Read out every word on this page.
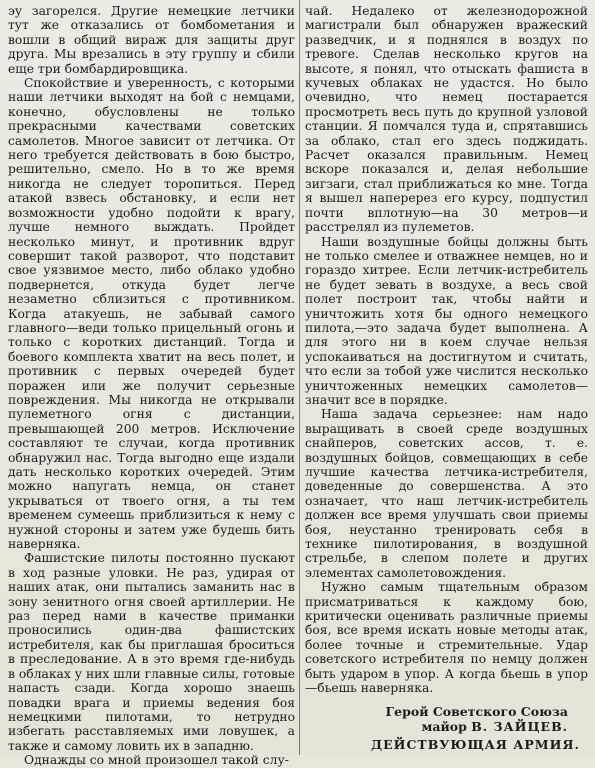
эу загорелся. Другие немецкие летчики тут же отказались от бомбометания и вошли в общий вираж для защиты друг друга. Мы врезались в эту группу и сбили еще три бомбардировщика.

Спокойствие и уверенность, с которыми наши летчики выходят на бой с немцами, конечно, обусловлены не только прекрасными качествами советских самолетов. Многое зависит от летчика. От него требуется действовать в бою быстро, решительно, смело. Но в то же время никогда не следует торопиться. Перед атакой взвесь обстановку, и если нет возможности удобно подойти к врагу, лучше немного выждать. Пройдет несколько минут, и противник вдруг совершит такой разворот, что подставит свое уязвимое место, либо облако удобно подвернется, откуда будет легче незаметно сблизиться с противником. Когда атакуешь, не забывай самого главного—веди только прицельный огонь и только с коротких дистанций. Тогда и боевого комплекта хватит на весь полет, и противник с первых очередей будет поражен или же получит серьезные повреждения. Мы никогда не открывали пулеметного огня с дистанции, превышающей 200 метров. Исключение составляют те случаи, когда противник обнаружил нас. Тогда выгодно еще издали дать несколько коротких очередей. Этим можно напугать немца, он станет укрываться от твоего огня, а ты тем временем сумеешь приблизиться к нему с нужной стороны и затем уже будешь бить наверняка.

Фашистские пилоты постоянно пускают в ход разные уловки. Не раз, удирая от наших атак, они пытались заманить нас в зону зенитного огня своей артиллерии. Не раз перед нами в качестве приманки проносились один-два фашистских истребителя, как бы приглашая броситься в преследование. А в это время где-нибудь в облаках у них шли главные силы, готовые напасть сзади. Когда хорошо знаешь повадки врага и приемы ведения боя немецкими пилотами, то нетрудно избегать расставляемых ими ловушек, а также и самому ловить их в западню.

Однажды со мной произошел такой слу-

чай. Недалеко от железнодорожной магистрали был обнаружен вражеский разведчик, и я поднялся в воздух по тревоге. Сделав несколько кругов на высоте, я понял, что отыскать фашиста в кучевых облаках не удастся. Но было очевидно, что немец постарается просмотреть весь путь до крупной узловой станции. Я помчался туда и, спрятавшись за облако, стал его здесь поджидать. Расчет оказался правильным. Немец вскоре показался и, делая небольшие зигзаги, стал приближаться ко мне. Тогда я вышел наперерез его курсу, подпустил почти вплотную—на 30 метров—и расстрелял из пулеметов.

Наши воздушные бойцы должны быть не только смелее и отважнее немцев, но и гораздо хитрее. Если летчик-истребитель не будет зевать в воздухе, а весь свой полет построит так, чтобы найти и уничтожить хотя бы одного немецкого пилота,—это задача будет выполнена. А для этого ни в коем случае нельзя успокаиваться на достигнутом и считать, что если за тобой уже числится несколько уничтоженных немецких самолетов—значит все в порядке.

Наша задача серьезнее: нам надо выращивать в своей среде воздушных снайперов, советских ассов, т. е. воздушных бойцов, совмещающих в себе лучшие качества летчика-истребителя, доведенные до совершенства. А это означает, что наш летчик-истребитель должен все время улучшать свои приемы боя, неустанно тренировать себя в технике пилотирования, в воздушной стрельбе, в слепом полете и других элементах самолетовождения.

Нужно самым тщательным образом присматриваться к каждому бою, критически оценивать различные приемы боя, все время искать новые методы атак, более точные и стремительные. Удар советского истребителя по немцу должен быть ударом в упор. А когда бьешь в упор—бьешь наверняка.

Герой Советского Союза
майор В. ЗАЙЦЕВ.
ДЕЙСТВУЮЩАЯ АРМИЯ.
